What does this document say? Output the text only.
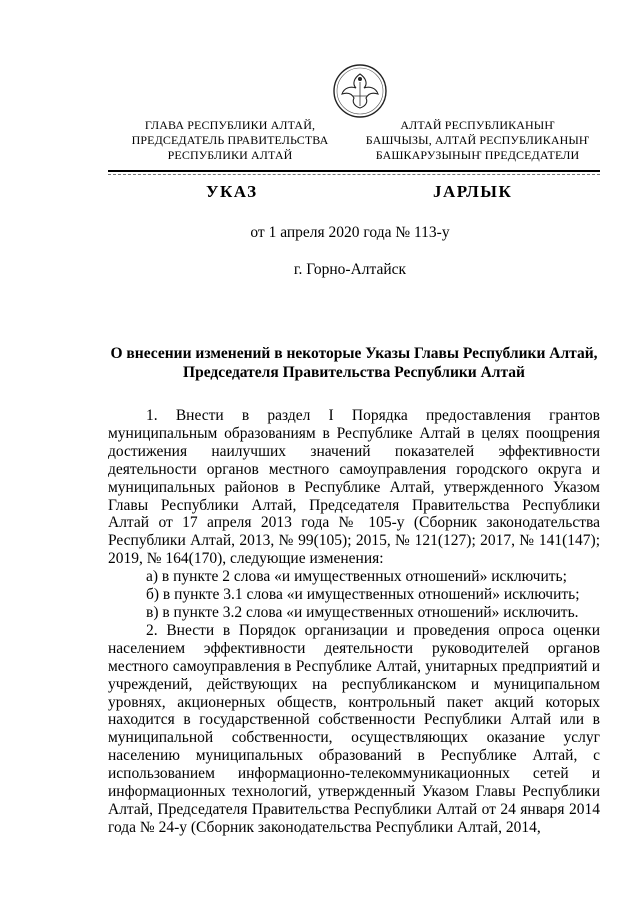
ГЛАВА РЕСПУБЛИКИ АЛТАЙ,
ПРЕДСЕДАТЕЛЬ ПРАВИТЕЛЬСТВА
РЕСПУБЛИКИ АЛТАЙ
АЛТАЙ РЕСПУБЛИКАНЫҤ
БАШЧЫЗЫ, АЛТАЙ РЕСПУБЛИКАНЫҤ
БАШКАРУЗЫНЫҤ ПРЕДСЕДАТЕЛИ
УКАЗ	JАРЛЫК
от 1 апреля 2020 года № 113-у
г. Горно-Алтайск
О внесении изменений в некоторые Указы Главы Республики Алтай,
Председателя Правительства Республики Алтай

1. Внести в раздел I Порядка предоставления грантов муниципальным образованиям в Республике Алтай в целях поощрения достижения наилучших значений показателей эффективности деятельности органов местного самоуправления городского округа и муниципальных районов в Республике Алтай, утвержденного Указом Главы Республики Алтай, Председателя Правительства Республики Алтай от 17 апреля 2013 года № 105-у (Сборник законодательства Республики Алтай, 2013, № 99(105); 2015, № 121(127); 2017, № 141(147); 2019, № 164(170), следующие изменения:

а) в пункте 2 слова «и имущественных отношений» исключить;

б) в пункте 3.1 слова «и имущественных отношений» исключить;

в) в пункте 3.2 слова «и имущественных отношений» исключить.

2. Внести в Порядок организации и проведения опроса оценки населением эффективности деятельности руководителей органов местного самоуправления в Республике Алтай, унитарных предприятий и учреждений, действующих на республиканском и муниципальном уровнях, акционерных обществ, контрольный пакет акций которых находится в государственной собственности Республики Алтай или в муниципальной собственности, осуществляющих оказание услуг населению муниципальных образований в Республике Алтай, с использованием информационно-телекоммуникационных сетей и информационных технологий, утвержденный Указом Главы Республики Алтай, Председателя Правительства Республики Алтай от 24 января 2014 года № 24-у (Сборник законодательства Республики Алтай, 2014,
